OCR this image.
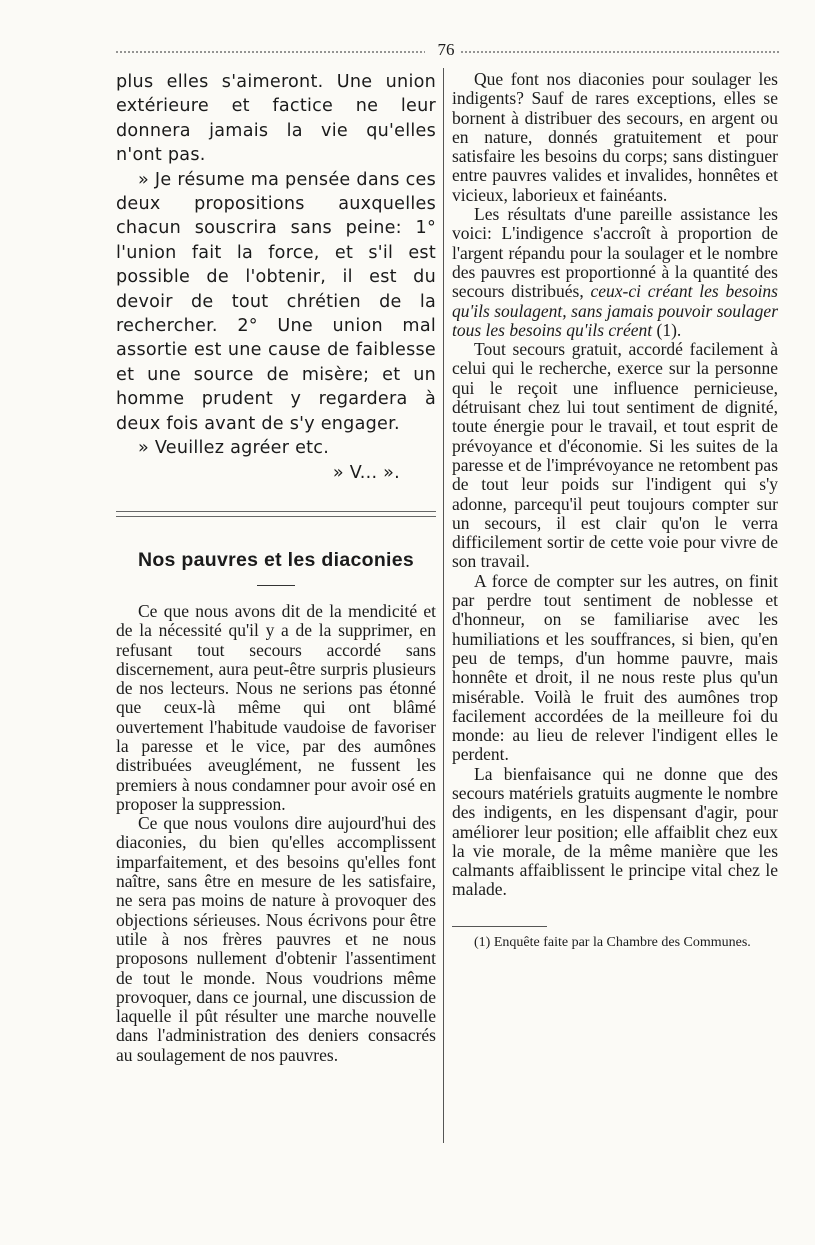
76

plus elles s'aimeront. Une union extérieure et factice ne leur donnera jamais la vie qu'elles n'ont pas.

» Je résume ma pensée dans ces deux propositions auxquelles chacun souscrira sans peine: 1° l'union fait la force, et s'il est possible de l'obtenir, il est du devoir de tout chrétien de la rechercher. 2° Une union mal assortie est une cause de faiblesse et une source de misère; et un homme prudent y regardera à deux fois avant de s'y engager.

» Veuillez agréer etc.

» V... ».

Nos pauvres et les diaconies

Ce que nous avons dit de la mendicité et de la nécessité qu'il y a de la supprimer, en refusant tout secours accordé sans discernement, aura peut-être surpris plusieurs de nos lecteurs. Nous ne serions pas étonné que ceux-là même qui ont blâmé ouvertement l'habitude vaudoise de favoriser la paresse et le vice, par des aumônes distribuées aveuglément, ne fussent les premiers à nous condamner pour avoir osé en proposer la suppression.

Ce que nous voulons dire aujourd'hui des diaconies, du bien qu'elles accomplissent imparfaitement, et des besoins qu'elles font naître, sans être en mesure de les satisfaire, ne sera pas moins de nature à provoquer des objections sérieuses. Nous écrivons pour être utile à nos frères pauvres et ne nous proposons nullement d'obtenir l'assentiment de tout le monde. Nous voudrions même provoquer, dans ce journal, une discussion de laquelle il pût résulter une marche nouvelle dans l'administration des deniers consacrés au soulagement de nos pauvres.

Que font nos diaconies pour soulager les indigents? Sauf de rares exceptions, elles se bornent à distribuer des secours, en argent ou en nature, donnés gratuitement et pour satisfaire les besoins du corps; sans distinguer entre pauvres valides et invalides, honnêtes et vicieux, laborieux et fainéants.

Les résultats d'une pareille assistance les voici: L'indigence s'accroît à proportion de l'argent répandu pour la soulager et le nombre des pauvres est proportionné à la quantité des secours distribués, ceux-ci créant les besoins qu'ils soulagent, sans jamais pouvoir soulager tous les besoins qu'ils créent (1).

Tout secours gratuit, accordé facilement à celui qui le recherche, exerce sur la personne qui le reçoit une influence pernicieuse, détruisant chez lui tout sentiment de dignité, toute énergie pour le travail, et tout esprit de prévoyance et d'économie. Si les suites de la paresse et de l'imprévoyance ne retombent pas de tout leur poids sur l'indigent qui s'y adonne, parcequ'il peut toujours compter sur un secours, il est clair qu'on le verra difficilement sortir de cette voie pour vivre de son travail.

A force de compter sur les autres, on finit par perdre tout sentiment de noblesse et d'honneur, on se familiarise avec les humiliations et les souffrances, si bien, qu'en peu de temps, d'un homme pauvre, mais honnête et droit, il ne nous reste plus qu'un misérable. Voilà le fruit des aumônes trop facilement accordées de la meilleure foi du monde: au lieu de relever l'indigent elles le perdent.

La bienfaisance qui ne donne que des secours matériels gratuits augmente le nombre des indigents, en les dispensant d'agir, pour améliorer leur position; elle affaiblit chez eux la vie morale, de la même manière que les calmants affaiblissent le principe vital chez le malade.

(1) Enquête faite par la Chambre des Communes.
